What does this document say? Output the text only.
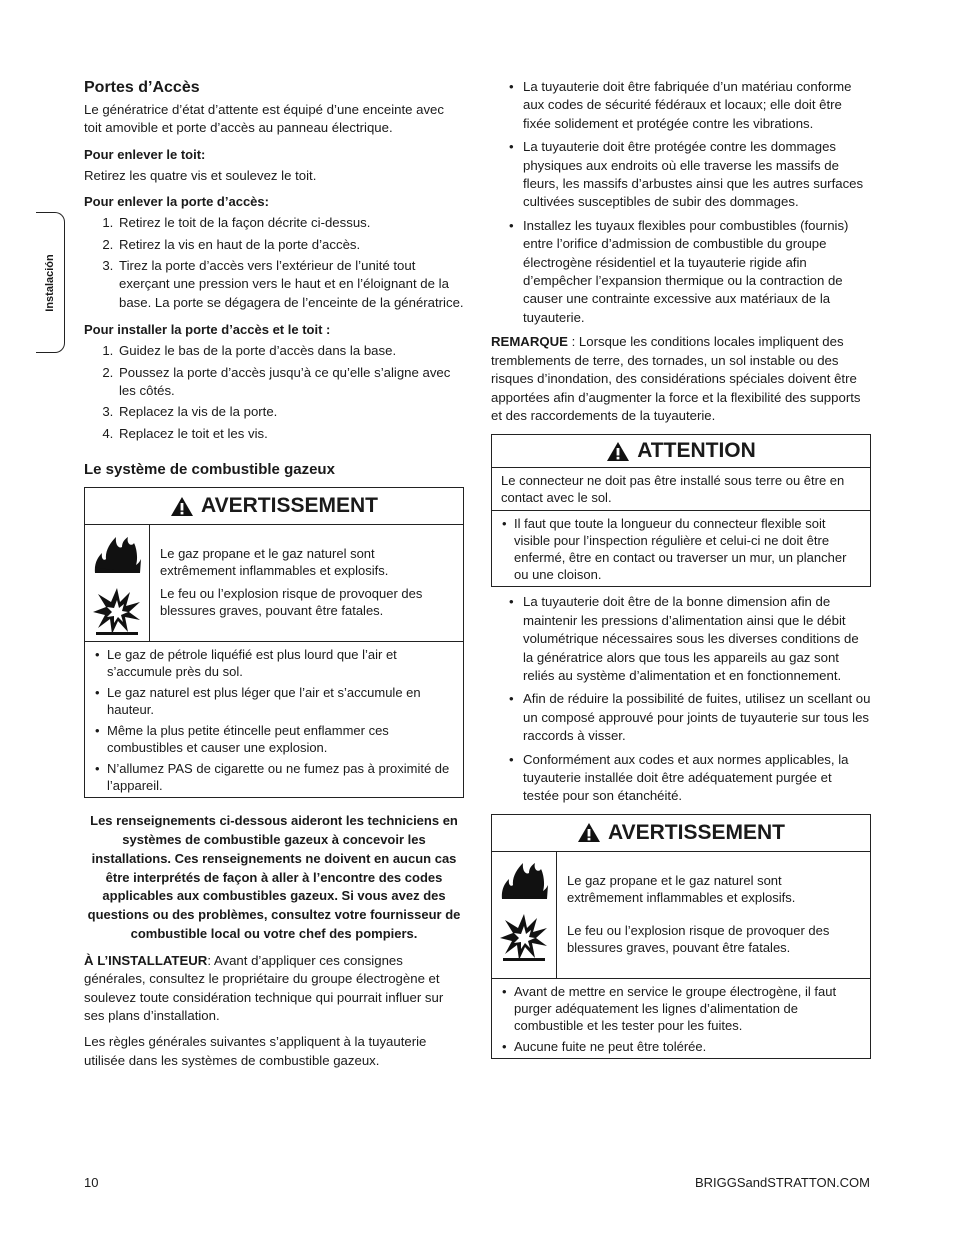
Instalación
Portes d’Accès

Le génératrice d’état d’attente est équipé d’une enceinte avec toit amovible et porte d’accès au panneau électrique.

Pour enlever le toit:

Retirez les quatre vis et soulevez le toit.

Pour enlever la porte d’accès:
1. Retirez le toit de la façon décrite ci-dessus.
2. Retirez la vis en haut de la porte d’accès.
3. Tirez la porte d’accès vers l’extérieur de l’unité tout exerçant une pression vers le haut et en l’éloignant de la base. La porte se dégagera de l’enceinte de la génératrice.
Pour installer la porte d’accès et le toit :
1. Guidez le bas de la porte d’accès dans la base.
2. Poussez la porte d’accès jusqu’à ce qu’elle s’aligne avec les côtés.
3. Replacez la vis de la porte.
4. Replacez le toit et les vis.
Le système de combustible gazeux
AVERTISSEMENT

Le gaz propane et le gaz naturel sont extrêmement inflammables et explosifs.

Le feu ou l’explosion risque de provoquer des blessures graves, pouvant être fatales.

• Le gaz de pétrole liquéfié est plus lourd que l’air et s’accumule près du sol.
• Le gaz naturel est plus léger que l’air et s’accumule en hauteur.
• Même la plus petite étincelle peut enflammer ces combustibles et causer une explosion.
• N’allumez PAS de cigarette ou ne fumez pas à proximité de l’appareil.

Les renseignements ci-dessous aideront les techniciens en systèmes de combustible gazeux à concevoir les installations. Ces renseignements ne doivent en aucun cas être interprétés de façon à aller à l’encontre des codes applicables aux combustibles gazeux. Si vous avez des questions ou des problèmes, consultez votre fournisseur de combustible local ou votre chef des pompiers.

À L’INSTALLATEUR: Avant d’appliquer ces consignes générales, consultez le propriétaire du groupe électrogène et soulevez toute considération technique qui pourrait influer sur ses plans d’installation.

Les règles générales suivantes s’appliquent à la tuyauterie utilisée dans les systèmes de combustible gazeux.

• La tuyauterie doit être fabriquée d’un matériau conforme aux codes de sécurité fédéraux et locaux; elle doit être fixée solidement et protégée contre les vibrations.
• La tuyauterie doit être protégée contre les dommages physiques aux endroits où elle traverse les massifs de fleurs, les massifs d’arbustes ainsi que les autres surfaces cultivées susceptibles de subir des dommages.
• Installez les tuyaux flexibles pour combustibles (fournis) entre l’orifice d’admission de combustible du groupe électrogène résidentiel et la tuyauterie rigide afin d’empêcher l’expansion thermique ou la contraction de causer une contrainte excessive aux matériaux de la tuyauterie.

REMARQUE : Lorsque les conditions locales impliquent des tremblements de terre, des tornades, un sol instable ou des risques d’inondation, des considérations spéciales doivent être apportées afin d’augmenter la force et la flexibilité des supports et des raccordements de la tuyauterie.

ATTENTION
Le connecteur ne doit pas être installé sous terre ou être en contact avec le sol.
• Il faut que toute la longueur du connecteur flexible soit visible pour l’inspection régulière et celui-ci ne doit être enfermé, être en contact ou traverser un mur, un plancher ou une cloison.
• La tuyauterie doit être de la bonne dimension afin de maintenir les pressions d’alimentation ainsi que le débit volumétrique nécessaires sous les diverses conditions de la génératrice alors que tous les appareils au gaz sont reliés au système d’alimentation et en fonctionnement.
• Afin de réduire la possibilité de fuites, utilisez un scellant ou un composé approuvé pour joints de tuyauterie sur tous les raccords à visser.
• Conformément aux codes et aux normes applicables, la tuyauterie installée doit être adéquatement purgée et testée pour son étanchéité.
AVERTISSEMENT

Le gaz propane et le gaz naturel sont extrêmement inflammables et explosifs.

Le feu ou l’explosion risque de provoquer des blessures graves, pouvant être fatales.

• Avant de mettre en service le groupe électrogène, il faut purger adéquatement les lignes d’alimentation de combustible et les tester pour les fuites.
• Aucune fuite ne peut être tolérée.
10	BRIGGSandSTRATTON.COM
